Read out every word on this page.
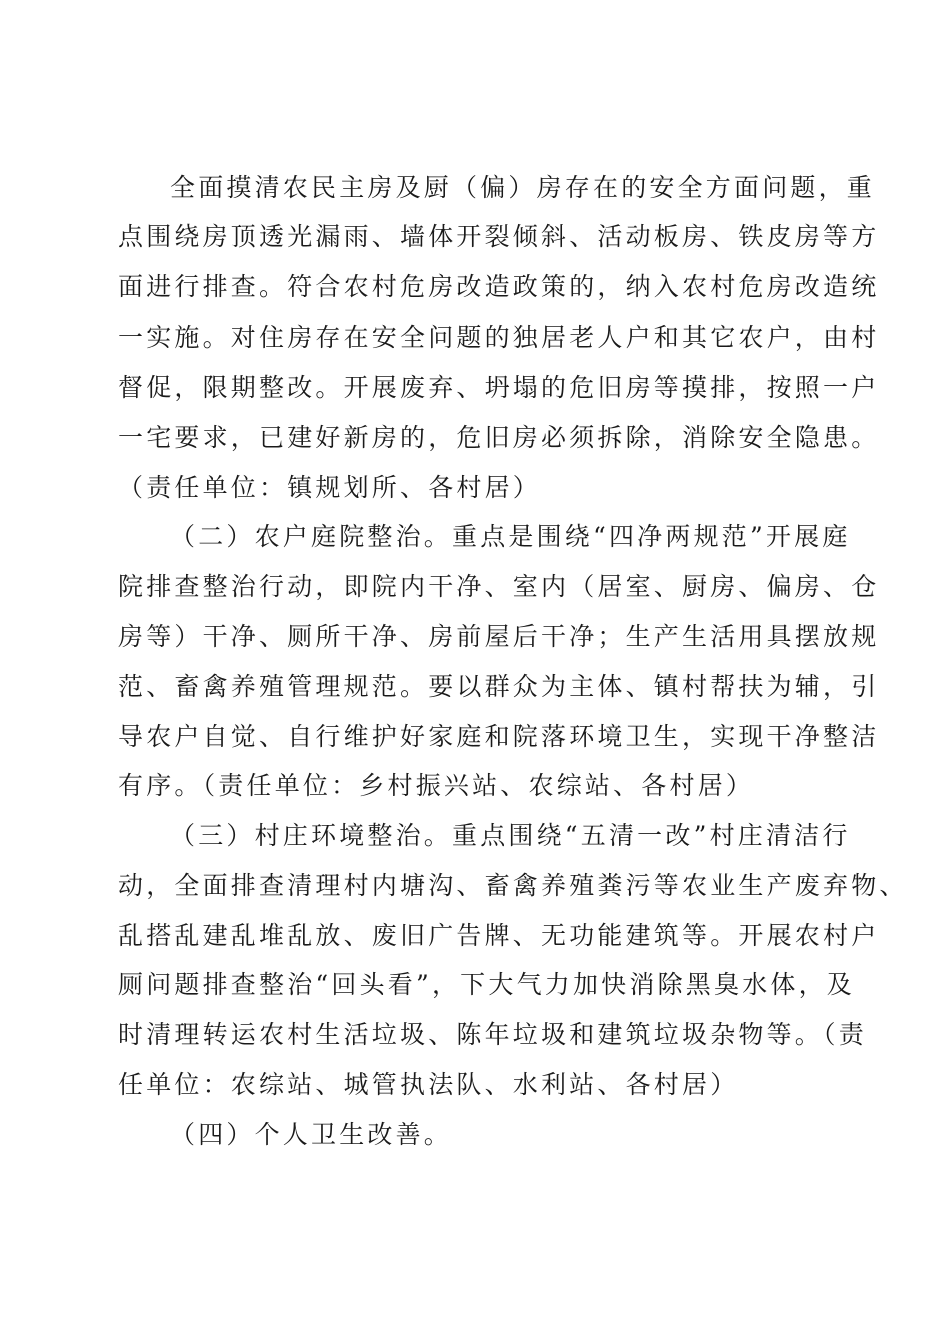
全面摸清农民主房及厨（偏）房存在的安全方面问题，重
点围绕房顶透光漏雨、墙体开裂倾斜、活动板房、铁皮房等方
面进行排查。符合农村危房改造政策的，纳入农村危房改造统
一实施。对住房存在安全问题的独居老人户和其它农户，由村
督促，限期整改。开展废弃、坍塌的危旧房等摸排，按照一户
一宅要求，已建好新房的，危旧房必须拆除，消除安全隐患。
（责任单位：镇规划所、各村居）
（二）农户庭院整治。重点是围绕“四净两规范”开展庭
院排查整治行动，即院内干净、室内（居室、厨房、偏房、仓
房等）干净、厕所干净、房前屋后干净；生产生活用具摆放规
范、畜禽养殖管理规范。要以群众为主体、镇村帮扶为辅，引
导农户自觉、自行维护好家庭和院落环境卫生，实现干净整洁
有序。（责任单位：乡村振兴站、农综站、各村居）
（三）村庄环境整治。重点围绕“五清一改”村庄清洁行
动，全面排查清理村内塘沟、畜禽养殖粪污等农业生产废弃物、
乱搭乱建乱堆乱放、废旧广告牌、无功能建筑等。开展农村户
厕问题排查整治“回头看”，下大气力加快消除黑臭水体，及
时清理转运农村生活垃圾、陈年垃圾和建筑垃圾杂物等。（责
任单位：农综站、城管执法队、水利站、各村居）
（四）个人卫生改善。
